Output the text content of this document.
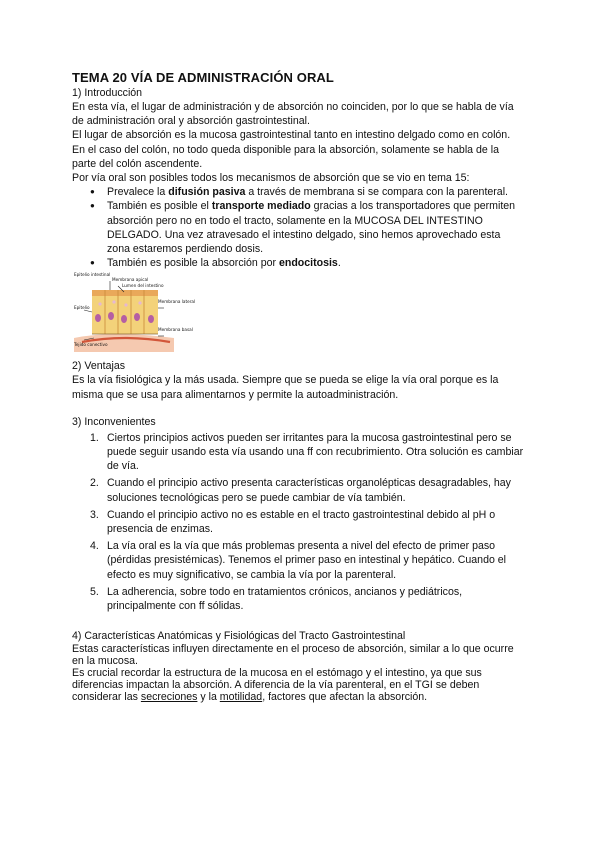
TEMA 20 VÍA DE ADMINISTRACIÓN ORAL
1) Introducción

En esta vía, el lugar de administración y de absorción no coinciden, por lo que se habla de vía de administración oral y absorción gastrointestinal.

El lugar de absorción es la mucosa gastrointestinal tanto en intestino delgado como en colón. En el caso del colón, no todo queda disponible para la absorción, solamente se habla de la parte del colón ascendente.

Por vía oral son posibles todos los mecanismos de absorción que se vio en tema 15:

● Prevalece la difusión pasiva a través de membrana si se compara con la parenteral.
● También es posible el transporte mediado gracias a los transportadores que permiten absorción pero no en todo el tracto, solamente en la MUCOSA DEL INTESTINO DELGADO. Una vez atravesado el intestino delgado, sino hemos aprovechado esta zona estaremos perdiendo dosis.
● También es posible la absorción por endocitosis.
Epitelio intestinal
Membrana apical
Lumen del intestino
Epitelio
Membrana lateral
Membrana basal
Tejido conectivo
2) Ventajas

Es la vía fisiológica y la más usada. Siempre que se pueda se elige la vía oral porque es la misma que se usa para alimentarnos y permite la autoadministración.

3) Inconvenientes
1. Ciertos principios activos pueden ser irritantes para la mucosa gastrointestinal pero se puede seguir usando esta vía usando una ff con recubrimiento. Otra solución es cambiar de vía.
2. Cuando el principio activo presenta características organolépticas desagradables, hay soluciones tecnológicas pero se puede cambiar de vía también.
3. Cuando el principio activo no es estable en el tracto gastrointestinal debido al pH o presencia de enzimas.
4. La vía oral es la vía que más problemas presenta a nivel del efecto de primer paso (pérdidas presistémicas). Tenemos el primer paso en intestinal y hepático. Cuando el efecto es muy significativo, se cambia la vía por la parenteral.
5. La adherencia, sobre todo en tratamientos crónicos, ancianos y pediátricos, principalmente con ff sólidas.
4) Características Anatómicas y Fisiológicas del Tracto Gastrointestinal

Estas características influyen directamente en el proceso de absorción, similar a lo que ocurre en la mucosa.

Es crucial recordar la estructura de la mucosa en el estómago y el intestino, ya que sus diferencias impactan la absorción. A diferencia de la vía parenteral, en el TGI se deben considerar las secreciones y la motilidad, factores que afectan la absorción.
